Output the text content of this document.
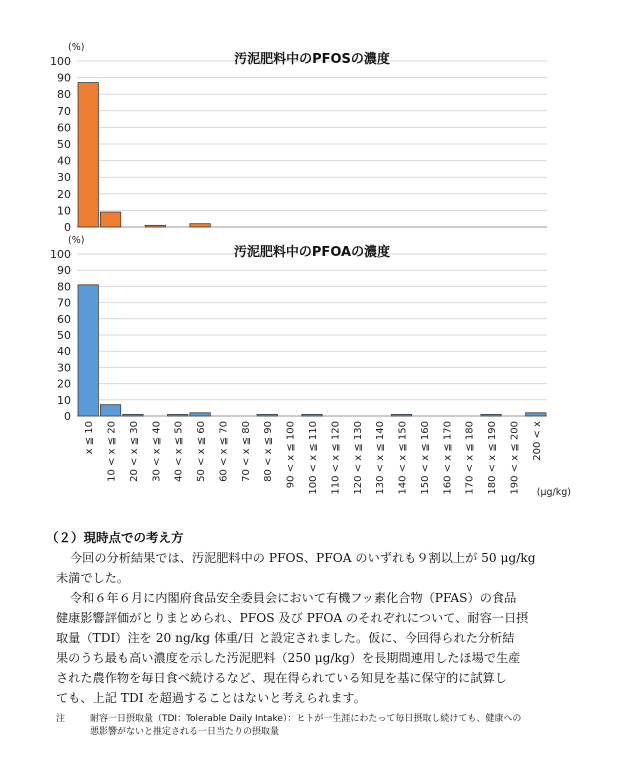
0
10
20
30
40
50
60
70
80
90
100
(%)
汚泥肥料中のPFOSの濃度
0
10
20
30
40
50
60
70
80
90
100
(%)
汚泥肥料中のPFOAの濃度
x ≦ 10 10 < x ≦ 20 20 < x ≦ 30 30 < x ≦ 40 40 < x ≦ 50 50 < x ≦ 60 60 < x ≦ 70 70 < x ≦ 80 80 < x ≦ 90 90 < x ≦ 100 100 < x ≦ 110 110 < x ≦ 120 120 < x ≦ 130 130 < x ≦ 140 140 < x ≦ 150 150 < x ≦ 160 160 < x ≦ 170 170 < x ≦ 180 180 < x ≦ 190 190 < x ≦ 200 200 < x
(μg/kg)
（２）現時点での考え方
今回の分析結果では、汚泥肥料中の PFOS、PFOA のいずれも９割以上が 50 μg/kg
未満でした。
令和６年６月に内閣府食品安全委員会において有機フッ素化合物（PFAS）の食品
健康影響評価がとりまとめられ、PFOS 及び PFOA のそれぞれについて、耐容一日摂
取量（TDI）注を 20 ng/kg 体重/日 と設定されました。仮に、今回得られた分析結
果のうち最も高い濃度を示した汚泥肥料（250 μg/kg）を長期間連用したほ場で生産
された農作物を毎日食べ続けるなど、現在得られている知見を基に保守的に試算し
ても、上記 TDI を超過することはないと考えられます。
注	耐容一日摂取量（TDI：Tolerable Daily Intake）：ヒトが一生涯にわたって毎日摂取し続けても、健康への
悪影響がないと推定される一日当たりの摂取量
